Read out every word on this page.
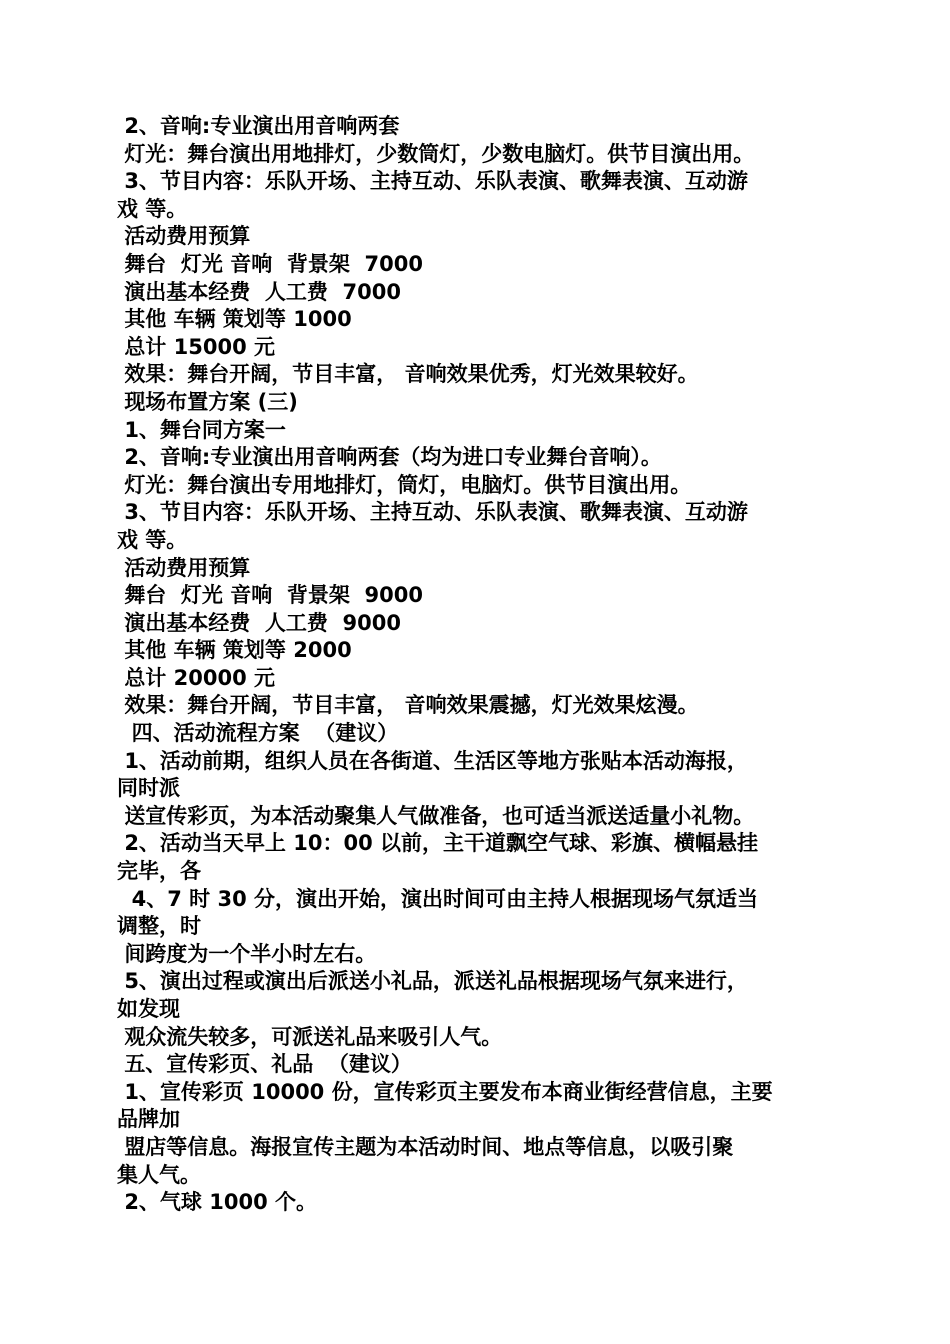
2、音响:专业演出用音响两套
灯光：舞台演出用地排灯，少数筒灯，少数电脑灯。供节目演出用。
3、节目内容：乐队开场、主持互动、乐队表演、歌舞表演、互动游
戏 等。
活动费用预算
舞台  灯光 音响  背景架  7000
演出基本经费  人工费  7000
其他 车辆 策划等 1000
总计 15000 元
效果：舞台开阔，节目丰富， 音响效果优秀，灯光效果较好。
现场布置方案 (三)
1、舞台同方案一
2、音响:专业演出用音响两套（均为进口专业舞台音响）。
灯光：舞台演出专用地排灯，筒灯，电脑灯。供节目演出用。
3、节目内容：乐队开场、主持互动、乐队表演、歌舞表演、互动游
戏 等。
活动费用预算
舞台  灯光 音响  背景架  9000
演出基本经费  人工费  9000
其他 车辆 策划等 2000
总计 20000 元
效果：舞台开阔，节目丰富， 音响效果震撼，灯光效果炫漫。
四、活动流程方案  （建议）
1、活动前期，组织人员在各街道、生活区等地方张贴本活动海报，
同时派
送宣传彩页，为本活动聚集人气做准备，也可适当派送适量小礼物。
2、活动当天早上 10：00 以前，主干道飘空气球、彩旗、横幅悬挂
完毕，各
4、7 时 30 分，演出开始，演出时间可由主持人根据现场气氛适当
调整，时
间跨度为一个半小时左右。
5、演出过程或演出后派送小礼品，派送礼品根据现场气氛来进行，
如发现
观众流失较多，可派送礼品来吸引人气。
五、宣传彩页、礼品  （建议）
1、宣传彩页 10000 份，宣传彩页主要发布本商业街经营信息，主要
品牌加
盟店等信息。海报宣传主题为本活动时间、地点等信息，以吸引聚
集人气。
2、气球 1000 个。
